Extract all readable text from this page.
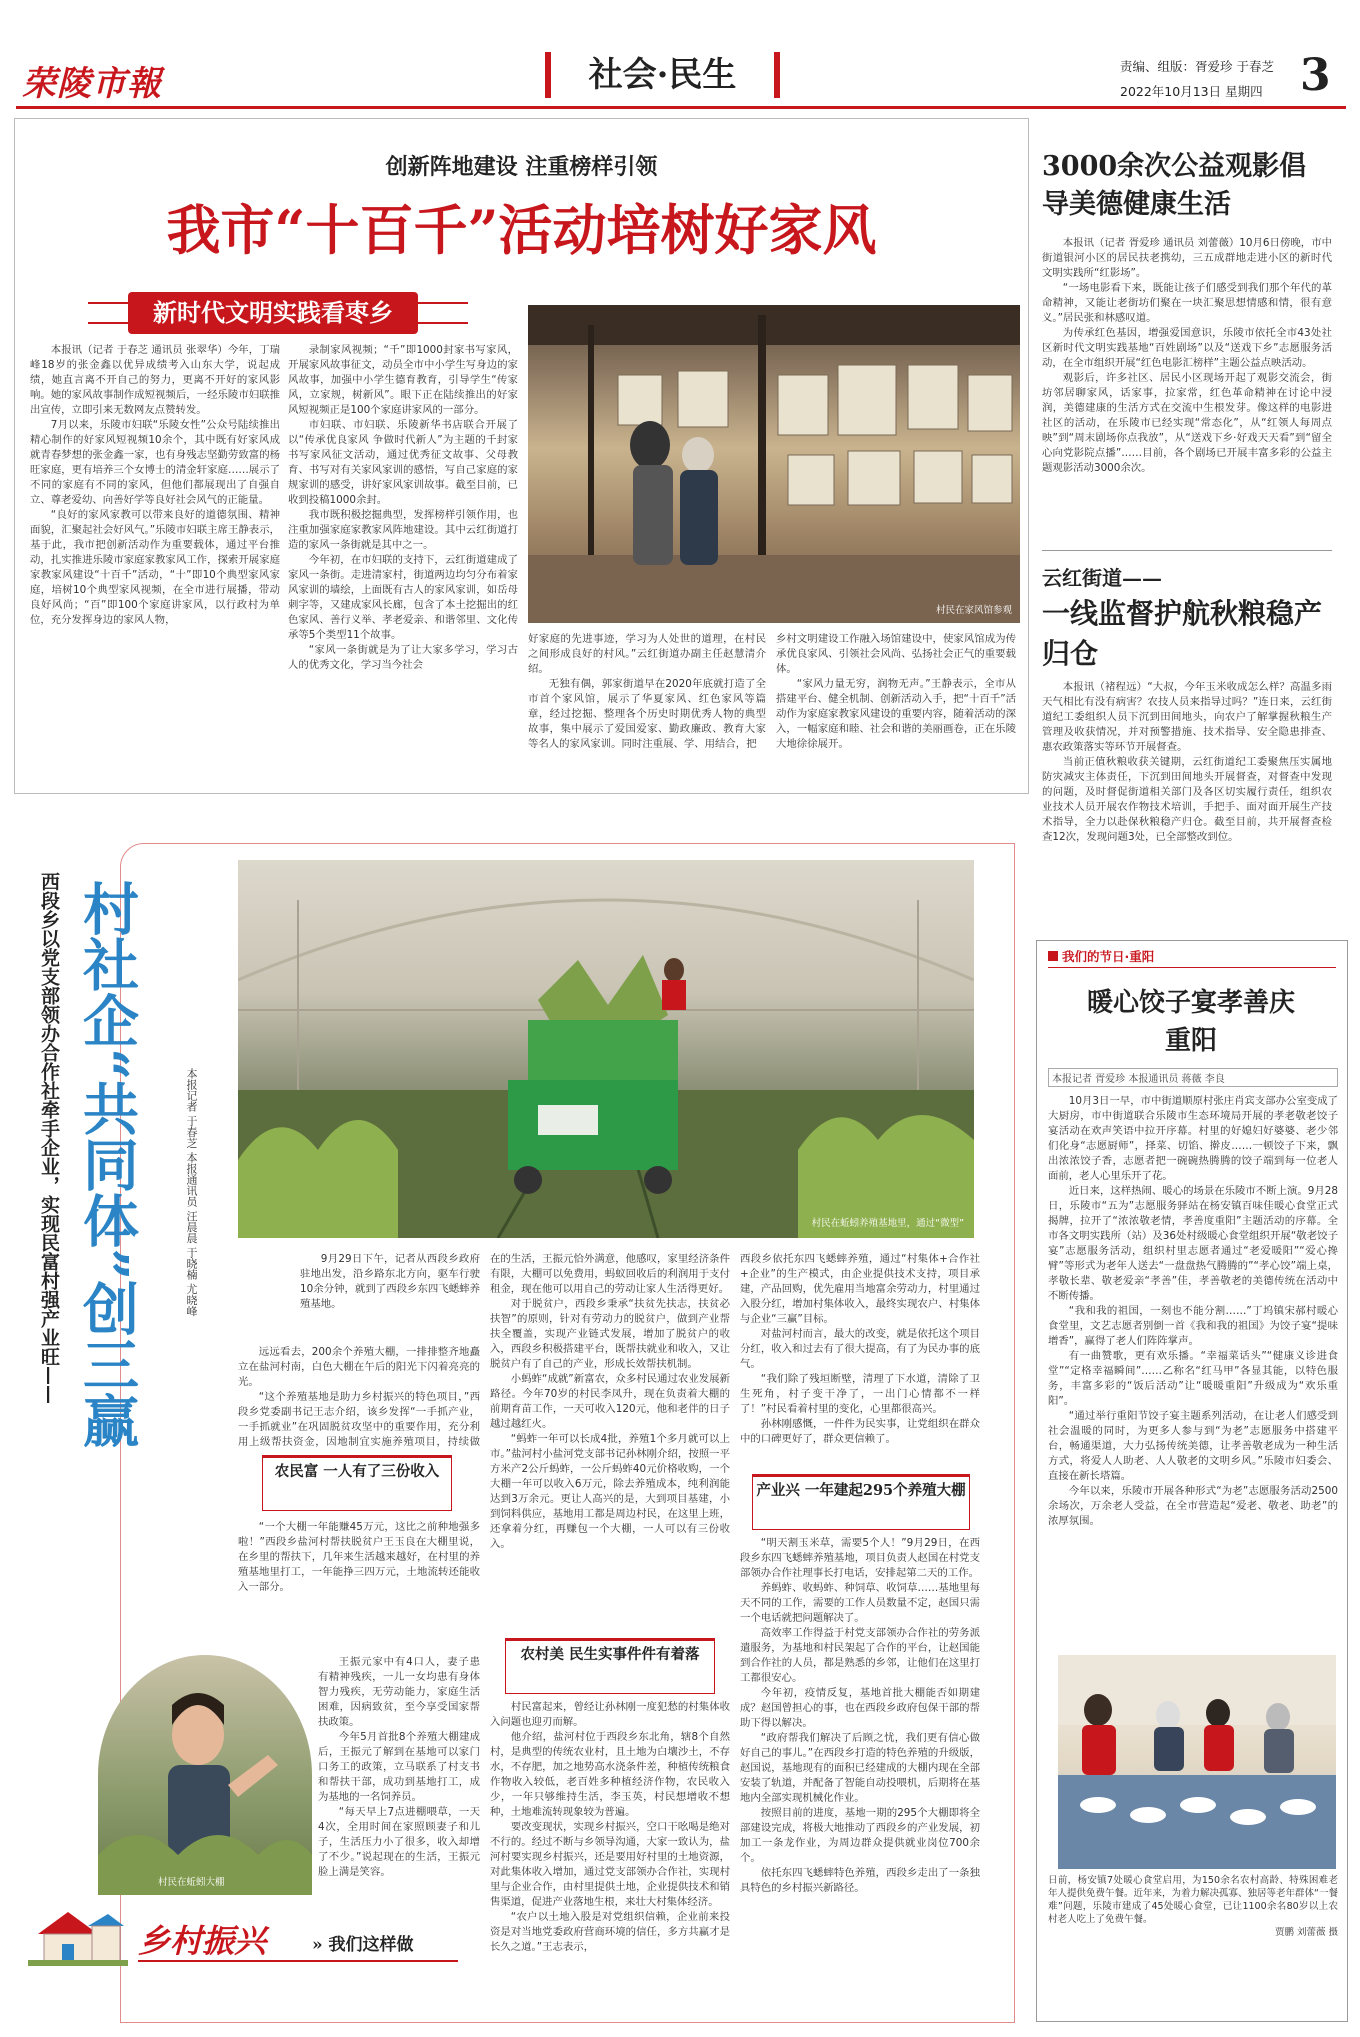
荣陵市報	社会·民生	责编、组版：胥爱珍 于春芝
2022年10月13日 星期四 3
创新阵地建设 注重榜样引领
我市“十百千”活动培树好家风
新时代文明实践看枣乡

本报讯（记者 于春芝 通讯员 张翠华）今年，丁瑞峰18岁的张金鑫以优异成绩考入山东大学，说起成绩，她直言离不开自己的努力，更离不开好的家风影响。她的家风故事制作成短视频后，一经乐陵市妇联推出宣传，立即引来无数网友点赞转发。

7月以来，乐陵市妇联“乐陵女性”公众号陆续推出精心制作的好家风短视频10余个，其中既有好家风成就青春梦想的张金鑫一家，也有身残志坚勤劳致富的杨旺家庭，更有培养三个女博士的清金轩家庭……展示了不同的家庭有不同的家风，但他们都展现出了自强自立、尊老爱幼、向善好学等良好社会风气的正能量。

“良好的家风家教可以带来良好的道德氛围、精神面貌，汇聚起社会好风气。”乐陵市妇联主席王静表示，基于此，我市把创新活动作为重要载体，通过平台推动，扎实推进乐陵市家庭家教家风工作，探索开展家庭家教家风建设“十百千”活动，“十”即10个典型家风家庭，培树10个典型家风视频，在全市进行展播，带动良好风尚；“百”即100个家庭讲家风，以行政村为单位，充分发挥身边的家风人物，

录制家风视频；“千”即1000封家书写家风，开展家风故事征文，动员全市中小学生写身边的家风故事，加强中小学生德育教育，引导学生“传家风，立家规，树新风”。眼下正在陆续推出的好家风短视频正是100个家庭讲家风的一部分。

市妇联、市妇联、乐陵新华书店联合开展了以“传承优良家风 争做时代新人”为主题的千封家书写家风征文活动，通过优秀征文故事、父母教育、书写对有关家风家训的感悟，写自己家庭的家规家训的感受，讲好家风家训故事。截至目前，已收到投稿1000余封。

我市既积极挖掘典型，发挥榜样引领作用，也注重加强家庭家教家风阵地建设。其中云红街道打造的家风一条街就是其中之一。

今年初，在市妇联的支持下，云红街道建成了家风一条街。走进清家村，街道两边均匀分布着家风家训的墙绘，上面既有古人的家风家训，如岳母刺字等，又建成家风长廊，包含了本土挖掘出的红色家风、善行义举、孝老爱亲、和谐邻里、文化传承等5个类型11个故事。

“家风一条街就是为了让大家多学习，学习古人的优秀文化，学习当今社会

村民在家风馆参观

好家庭的先进事迹，学习为人处世的道理，在村民之间形成良好的村风。”云红街道办副主任赵慧清介绍。

无独有偶，郭家街道早在2020年底就打造了全市首个家风馆，展示了华夏家风、红色家风等篇章，经过挖掘、整理各个历史时期优秀人物的典型故事，集中展示了爱国爱家、勤政廉政、教育大家等名人的家风家训。同时注重展、学、用结合，把

乡村文明建设工作融入场馆建设中，使家风馆成为传承优良家风、引领社会风尚、弘扬社会正气的重要载体。

“家风力量无穷，润物无声。”王静表示，全市从搭建平台、健全机制、创新活动入手，把“十百千”活动作为家庭家教家风建设的重要内容，随着活动的深入，一幅家庭和睦、社会和谐的美丽画卷，正在乐陵大地徐徐展开。

3000余次公益观影倡导美德健康生活

本报讯（记者 胥爱珍 通讯员 刘蕾薇）10月6日傍晚，市中街道银河小区的居民扶老携幼，三五成群地走进小区的新时代文明实践所“红影场”。

“一场电影看下来，既能让孩子们感受到我们那个年代的革命精神，又能让老街坊们聚在一块汇聚思想情感和情，很有意义。”居民张和林感叹道。

为传承红色基因，增强爱国意识，乐陵市依托全市43处社区新时代文明实践基地“百姓剧场”以及“送戏下乡”志愿服务活动，在全市组织开展“红色电影汇榜样”主题公益点映活动。

观影后，许多社区、居民小区现场开起了观影交流会，街坊邻居聊家风，话家事，拉家常，红色革命精神在讨论中浸润，美德建康的生活方式在交流中生根发芽。像这样的电影进社区的活动，在乐陵市已经实现“常态化”，从“红领人每周点映”到“周末剧场你点我放”，从“送戏下乡·好戏天天看”到“留全心向党影院点播”……目前，各个剧场已开展丰富多彩的公益主题观影活动3000余次。

云红街道——
一线监督护航秋粮稳产归仓

本报讯（褚程远）“大叔，今年玉米收成怎么样？高温多雨天气相比有没有病害？农技人员来指导过吗？”连日来，云红街道纪工委组织人员下沉到田间地头，向农户了解掌握秋粮生产管理及收获情况，并对预警措施、技术指导、安全隐患排查、惠农政策落实等环节开展督查。

当前正值秋粮收获关键期，云红街道纪工委聚焦压实属地防灾减灾主体责任，下沉到田间地头开展督查，对督查中发现的问题，及时督促街道相关部门及各区切实履行责任，组织农业技术人员开展农作物技术培训，手把手、面对面开展生产技术指导，全力以赴保秋粮稳产归仓。截至目前，共开展督查检查12次，发现问题3处，已全部整改到位。

我们的节日·重阳
暖心饺子宴孝善庆重阳
本报记者 胥爱珍 本报通讯员 蒋薇 李良

10月3日一早，市中街道顺原村张庄肖宾支部办公室变成了大厨房，市中街道联合乐陵市生态环境局开展的孝老敬老饺子宴活动在欢声笑语中拉开序幕。村里的好媳妇好婆婆、老少邻们化身“志愿厨师”，择菜、切馅、擀皮……一顿饺子下来，飘出浓浓饺子香，志愿者把一碗碗热腾腾的饺子端到每一位老人面前，老人心里乐开了花。

近日来，这样热闹、暖心的场景在乐陵市不断上演。9月28日，乐陵市“五为”志愿服务驿站在杨安镇百味佳暖心食堂正式揭牌，拉开了“浓浓敬老情，孝善度重阳”主题活动的序幕。全市各文明实践所（站）及36处村级暖心食堂组织开展“敬老饺子宴”志愿服务活动，组织村里志愿者通过“老爱暖阳”“爱心搀臂”等形式为老年人送去“一盘盘热气腾腾的”“孝心饺”端上桌，孝敬长辈、敬老爱亲“孝善”佳，孝善敬老的美德传统在活动中不断传播。

“我和我的祖国，一刻也不能分割……”丁坞镇宋郝村暖心食堂里，文艺志愿者别倒一首《我和我的祖国》为饺子宴“提味增香”，赢得了老人们阵阵掌声。

有一曲赞歌，更有欢乐播。“幸福菜话头”“健康义诊进食堂”“定格幸福瞬间”……乙称名“红马甲”各显其能，以特色服务，丰富多彩的“饭后活动”让“暖暖重阳”升级成为“欢乐重阳”。

“通过举行重阳节饺子宴主题系列活动，在让老人们感受到社会温暖的同时，为更多人参与到“为老”志愿服务中搭建平台，畅通渠道，大力弘扬传统美德，让孝善敬老成为一种生活方式，将爱人人助老、人人敬老的文明乡风。”乐陵市妇委会、直接在新长塔篇。

今年以来，乐陵市开展各种形式“为老”志愿服务活动2500余场次，万余老人受益，在全市营造起“爱老、敬老、助老”的浓厚氛围。

日前，杨安镇7处暖心食堂启用，为150余名农村高龄、特殊困难老年人提供免费午餐。近年来，为着力解决孤寡、独居等老年群体“一餐难”问题，乐陵市建成了45处暖心食堂，已让1100余名80岁以上农村老人吃上了免费午餐。
贾鹏 刘蕾薇 摄
西段乡以党支部领办合作社牵手企业，实现民富村强产业旺—— 村社企“共同体”创三赢	本报记者 于春芝 本报通讯员 汪晨晨 于晓楠 尤晓峰	村民在蚯蚓养殖基地里，通过“微型”

9月29日下午，记者从西段乡政府驻地出发，沿乡路东北方向，驱车行驶10余分钟，就到了西段乡东四飞蟋蟀养殖基地。

远远看去，200余个养殖大棚，一排排整齐地矗立在盐河村南，白色大棚在午后的阳光下闪着亮亮的光。

“这个养殖基地是助力乡村振兴的特色项目，”西段乡党委副书记王志介绍，该乡发挥“一手抓产业，一手抓就业”在巩固脱贫攻坚中的重要作用，充分利用上级帮扶资金，因地制宜实施养殖项目，持续做

农民富 一人有了三份收入

“一个大棚一年能赚45万元，这比之前种地强多啦！”西段乡盐河村帮扶脱贫户王玉良在大棚里说，在乡里的帮扶下，几年来生活越来越好，在村里的养殖基地里打工，一年能挣三四万元，土地流转还能收入一部分。

村民在蚯蚓大棚

王振元家中有4口人，妻子患有精神残疾，一儿一女均患有身体智力残疾，无劳动能力，家庭生活困难，因病致贫，至今享受国家帮扶政策。

今年5月首批8个养殖大棚建成后，王振元了解到在基地可以家门口务工的政策，立马联系了村支书和帮扶干部，成功到基地打工，成为基地的一名饲养员。

“每天早上7点进棚喂草，一天4次，全用时间在家照顾妻子和儿子，生活压力小了很多，收入却增了不少。”说起现在的生活，王振元脸上满是笑容。

在的生活，王振元恰外满意，他感叹，家里经济条件有限，大棚可以免费用，蚂蚁回收后的利润用于支付租金，现在他可以用自己的劳动让家人生活得更好。

对于脱贫户，西段乡秉承“扶贫先扶志，扶贫必扶智”的原则，针对有劳动力的脱贫户，做到产业帮扶全覆盖，实现产业链式发展，增加了脱贫户的收入，西段乡积极搭建平台，既帮扶就业和收入，又让脱贫户有了自己的产业，形成长效帮扶机制。

小蚂蚱“成就”新富农，众多村民通过农业发展新路径。今年70岁的村民李凤升，现在负责着大棚的前期育苗工作，一天可收入120元，他和老伴的日子越过越红火。

“蚂蚱一年可以长成4批，养殖1个多月就可以上市。”盐河村小盐河党支部书记孙林刚介绍，按照一平方米产2公斤蚂蚱，一公斤蚂蚱40元价格收购，一个大棚一年可以收入6万元，除去养殖成本，纯利润能达到3万余元。更让人高兴的是，大到项目基建，小到饲料供应，基地用工都是周边村民，在这里上班，还拿着分红，再赚包一个大棚，一人可以有三份收入。

农村美 民生实事件件有着落

村民富起来，曾经让孙林刚一度犯愁的村集体收入问题也迎刃而解。

他介绍，盐河村位于西段乡东北角，辖8个自然村，是典型的传统农业村，且土地为白壤沙土，不存水，不存肥，加之地势高水浇条件差，种植传统粮食作物收入较低，老百姓多种植经济作物，农民收入少，一年只够维持生活，李玉英，村民想增收不想种，土地难流转现象较为普遍。

要改变现状，实现乡村振兴，空口干吆喝是绝对不行的。经过不断与乡领导沟通，大家一致认为，盐河村要实现乡村振兴，还是要用好村里的土地资源，对此集体收入增加，通过党支部领办合作社，实现村里与企业合作，由村里提供土地，企业提供技术和销售渠道，促进产业落地生根，来壮大村集体经济。

“农户以土地入股是对党组织信赖，企业前来投资是对当地党委政府营商环境的信任，多方共赢才是长久之道。”王志表示，

西段乡依托东四飞蟋蟀养殖，通过“村集体+合作社+企业”的生产模式，由企业提供技术支持，项目承建，产品回购，优先雇用当地富余劳动力，村里通过入股分红，增加村集体收入，最终实现农户、村集体与企业“三赢”目标。

对盐河村而言，最大的改变，就是依托这个项目分红，收入和过去有了很大提高，有了为民办事的底气。

“我们除了残垣断壁，清理了下水道，清除了卫生死角，村子变干净了，一出门心情都不一样了！”村民看着村里的变化，心里都很高兴。

孙林刚感慨，一件件为民实事，让党组织在群众中的口碑更好了，群众更信赖了。

产业兴 一年建起295个养殖大棚

“明天割玉米草，需要5个人！”9月29日，在西段乡东四飞蟋蟀养殖基地，项目负责人赵国在村党支部领办合作社理事长打电话，安排起第二天的工作。

养蚂蚱、收蚂蚱、种饲草、收饲草……基地里每天不同的工作，需要的工作人员数量不定，赵国只需一个电话就把问题解决了。

高效率工作得益于村党支部领办合作社的劳务派遣服务，为基地和村民架起了合作的平台，让赵国能到合作社的人员，都是熟悉的乡邻，让他们在这里打工都很安心。

今年初，疫情反复，基地首批大棚能否如期建成？赵国曾担心的事，也在西段乡政府包保干部的帮助下得以解决。

“政府帮我们解决了后顾之忧，我们更有信心做好自己的事儿。”在西段乡打造的特色养殖的升级版，赵国说，基地现有的面积已经建成的大棚内现在全部安装了轨道，并配备了智能自动投喂机，后期将在基地内全部实现机械化作业。

按照目前的进度，基地一期的295个大棚即将全部建设完成，将极大地推动了西段乡的产业发展，初加工一条龙作业，为周边群众提供就业岗位700余个。

依托东四飞蟋蟀特色养殖，西段乡走出了一条独具特色的乡村振兴新路径。

乡村振兴	» 我们这样做
